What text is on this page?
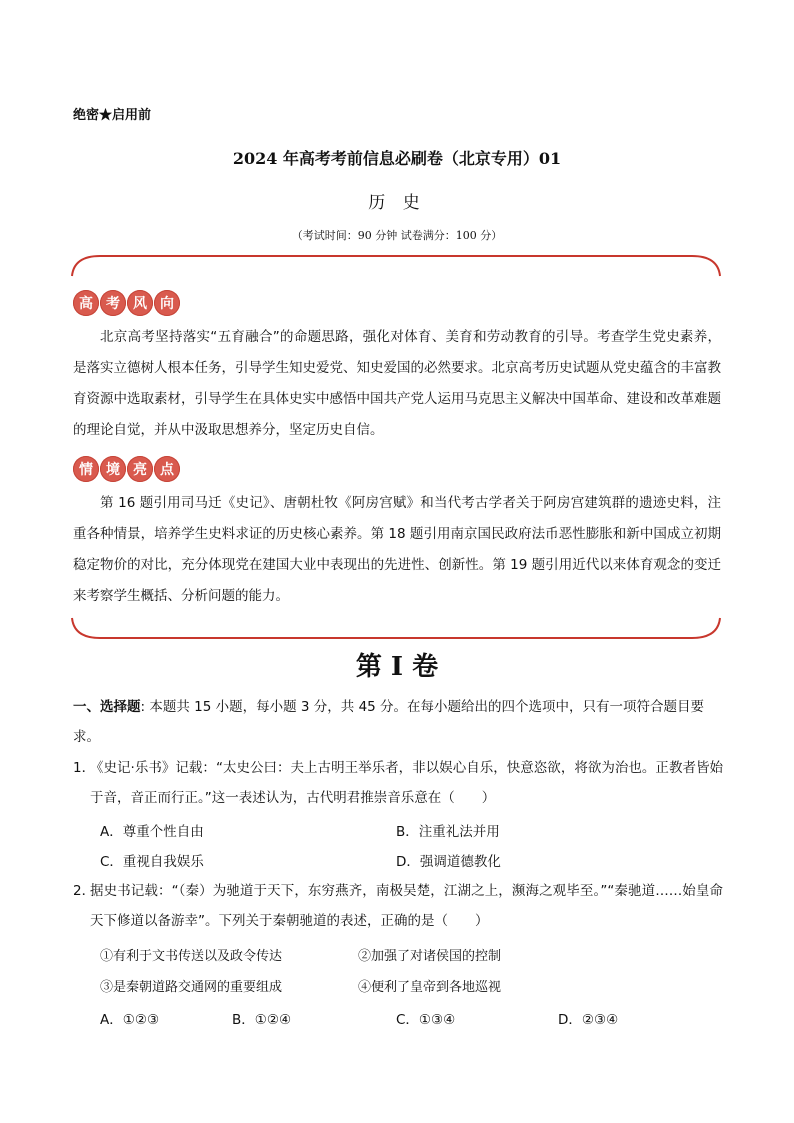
绝密★启用前
2024 年高考考前信息必刷卷（北京专用）01
历 史
（考试时间：90 分钟 试卷满分：100 分）
高 考 风 向
北京高考坚持落实“五育融合”的命题思路，强化对体育、美育和劳动教育的引导。考查学生党史素养，是落实立德树人根本任务，引导学生知史爱党、知史爱国的必然要求。北京高考历史试题从党史蕴含的丰富教育资源中选取素材，引导学生在具体史实中感悟中国共产党人运用马克思主义解决中国革命、建设和改革难题的理论自觉，并从中汲取思想养分，坚定历史自信。
情 境 亮 点
第 16 题引用司马迁《史记》、唐朝杜牧《阿房宫赋》和当代考古学者关于阿房宫建筑群的遗迹史料，注重各种情景，培养学生史料求证的历史核心素养。第 18 题引用南京国民政府法币恶性膨胀和新中国成立初期稳定物价的对比，充分体现党在建国大业中表现出的先进性、创新性。第 19 题引用近代以来体育观念的变迁来考察学生概括、分析问题的能力。
第 I 卷
一、选择题: 本题共 15 小题，每小题 3 分，共 45 分。在每小题给出的四个选项中，只有一项符合题目要求。
1．
《史记·乐书》记载：“太史公曰：夫上古明王举乐者，非以娱心自乐，快意恣欲，将欲为治也。正教者皆始于音，音正而行正。”这一表述认为，古代明君推崇音乐意在（　　）
A．尊重个性自由	B．注重礼法并用
C．重视自我娱乐	D．强调道德教化
2．
据史书记载：“（秦）为驰道于天下，东穷燕齐，南极吴楚，江湖之上，濒海之观毕至。”“秦驰道……始皇命天下修道以备游幸”。下列关于秦朝驰道的表述，正确的是（　　）
①有利于文书传送以及政令传达	②加强了对诸侯国的控制
③是秦朝道路交通网的重要组成	④便利了皇帝到各地巡视
A．①②③	B．①②④	C．①③④	D．②③④
